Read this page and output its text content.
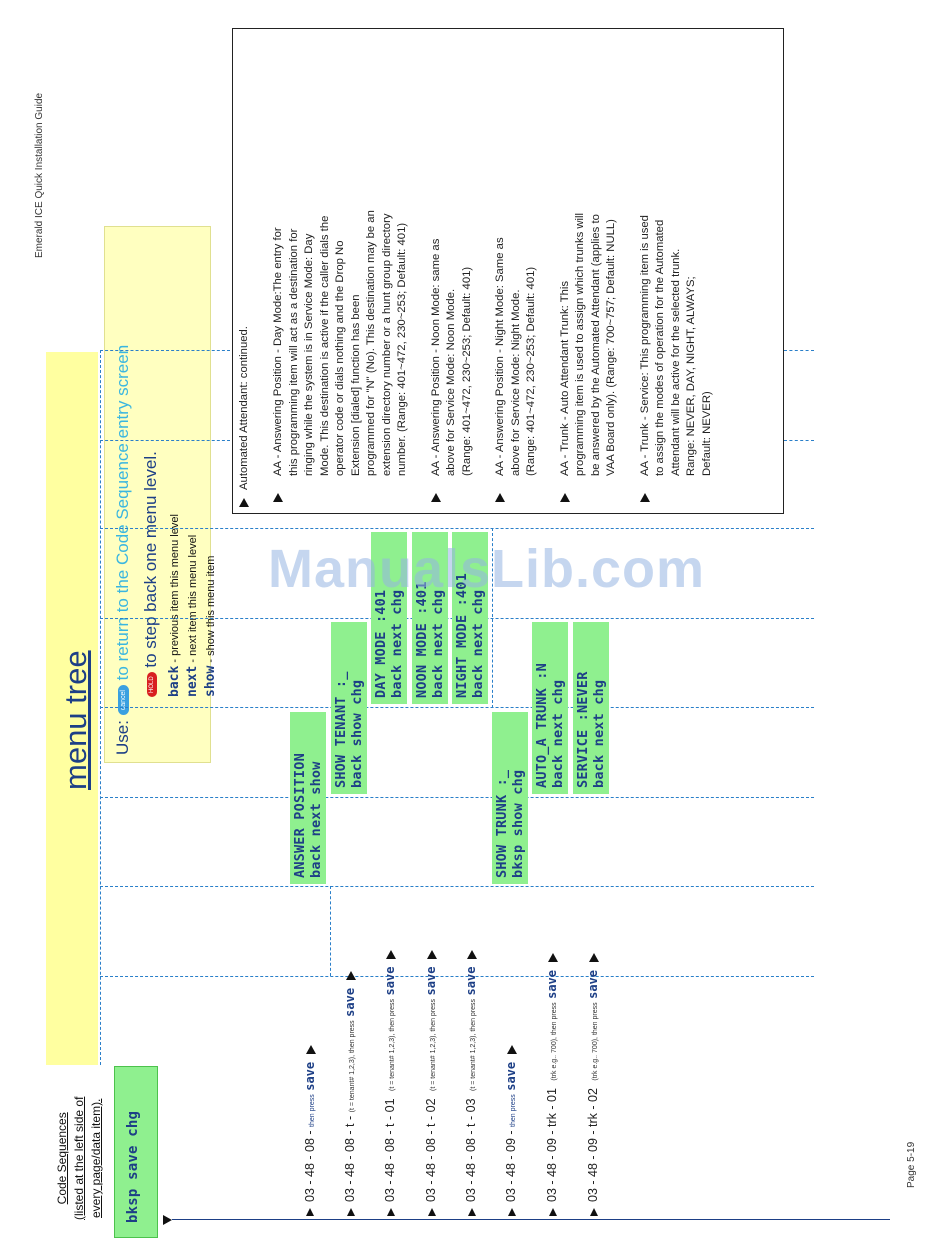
Emerald ICE Quick Installation Guide
Page 5-19
Code Sequences (listed at the left side of every page/data item). bksp save chg
menu tree Use: cancel to return to the Code Sequence entry screen
HOLD to step back one menu level.
back - previous item this menu level
next - next item this menu level
show - show this menu item
ANSWER POSITION back next show
SHOW TENANT :_ back show chg
DAY MODE :401 back next chg NOON MODE :401 back next chg NIGHT MODE :401 back next chg
SHOW TRUNK :_ bksp show chg
AUTO_A TRUNK :N back next chg SERVICE :NEVER back next chg
03 - 48 - 08 - then press save
03 - 48 - 08 - t - (t = tenant# 1,2,3), then press save
03 - 48 - 08 - t - 01 (t = tenant# 1,2,3), then press save
03 - 48 - 08 - t - 02 (t = tenant# 1,2,3), then press save
03 - 48 - 08 - t - 03 (t = tenant# 1,2,3), then press save
03 - 48 - 09 - then press save
03 - 48 - 09 - trk - 01 (trk e.g.. 700), then press save
03 - 48 - 09 - trk - 02 (trk e.g.. 700), then press save
Automated Attendant: continued.	AA - Answering Position - Day Mode:The entry for this programming item will act as a destination for ringing while the system is in Service Mode: Day Mode. This destination is active if the caller dials the operator code or dials nothing and the Drop No Extension [dialed] function has been programmed for "N" (No). This destination may be an extension directory number or a hunt group directory number. (Range: 401~472, 230~253; Default: 401) AA - Answering Position - Noon Mode: same as above for Service Mode: Noon Mode. (Range: 401~472, 230~253; Default: 401) AA - Answering Position - Night Mode: Same as above for Service Mode: Night Mode. (Range: 401~472, 230~253; Default: 401) AA - Trunk - Auto Attendant Trunk: This programming item is used to assign which trunks will be answered by the Automated Attendant (applies to VAA Board only). (Range: 700~757; Default: NULL) AA - Trunk - Service: This programming item is used to assign the modes of operation for the Automated Attendant will be active for the selected trunk. Range: NEVER, DAY, NIGHT, ALWAYS; Default: NEVER)
ManualsLib.com
